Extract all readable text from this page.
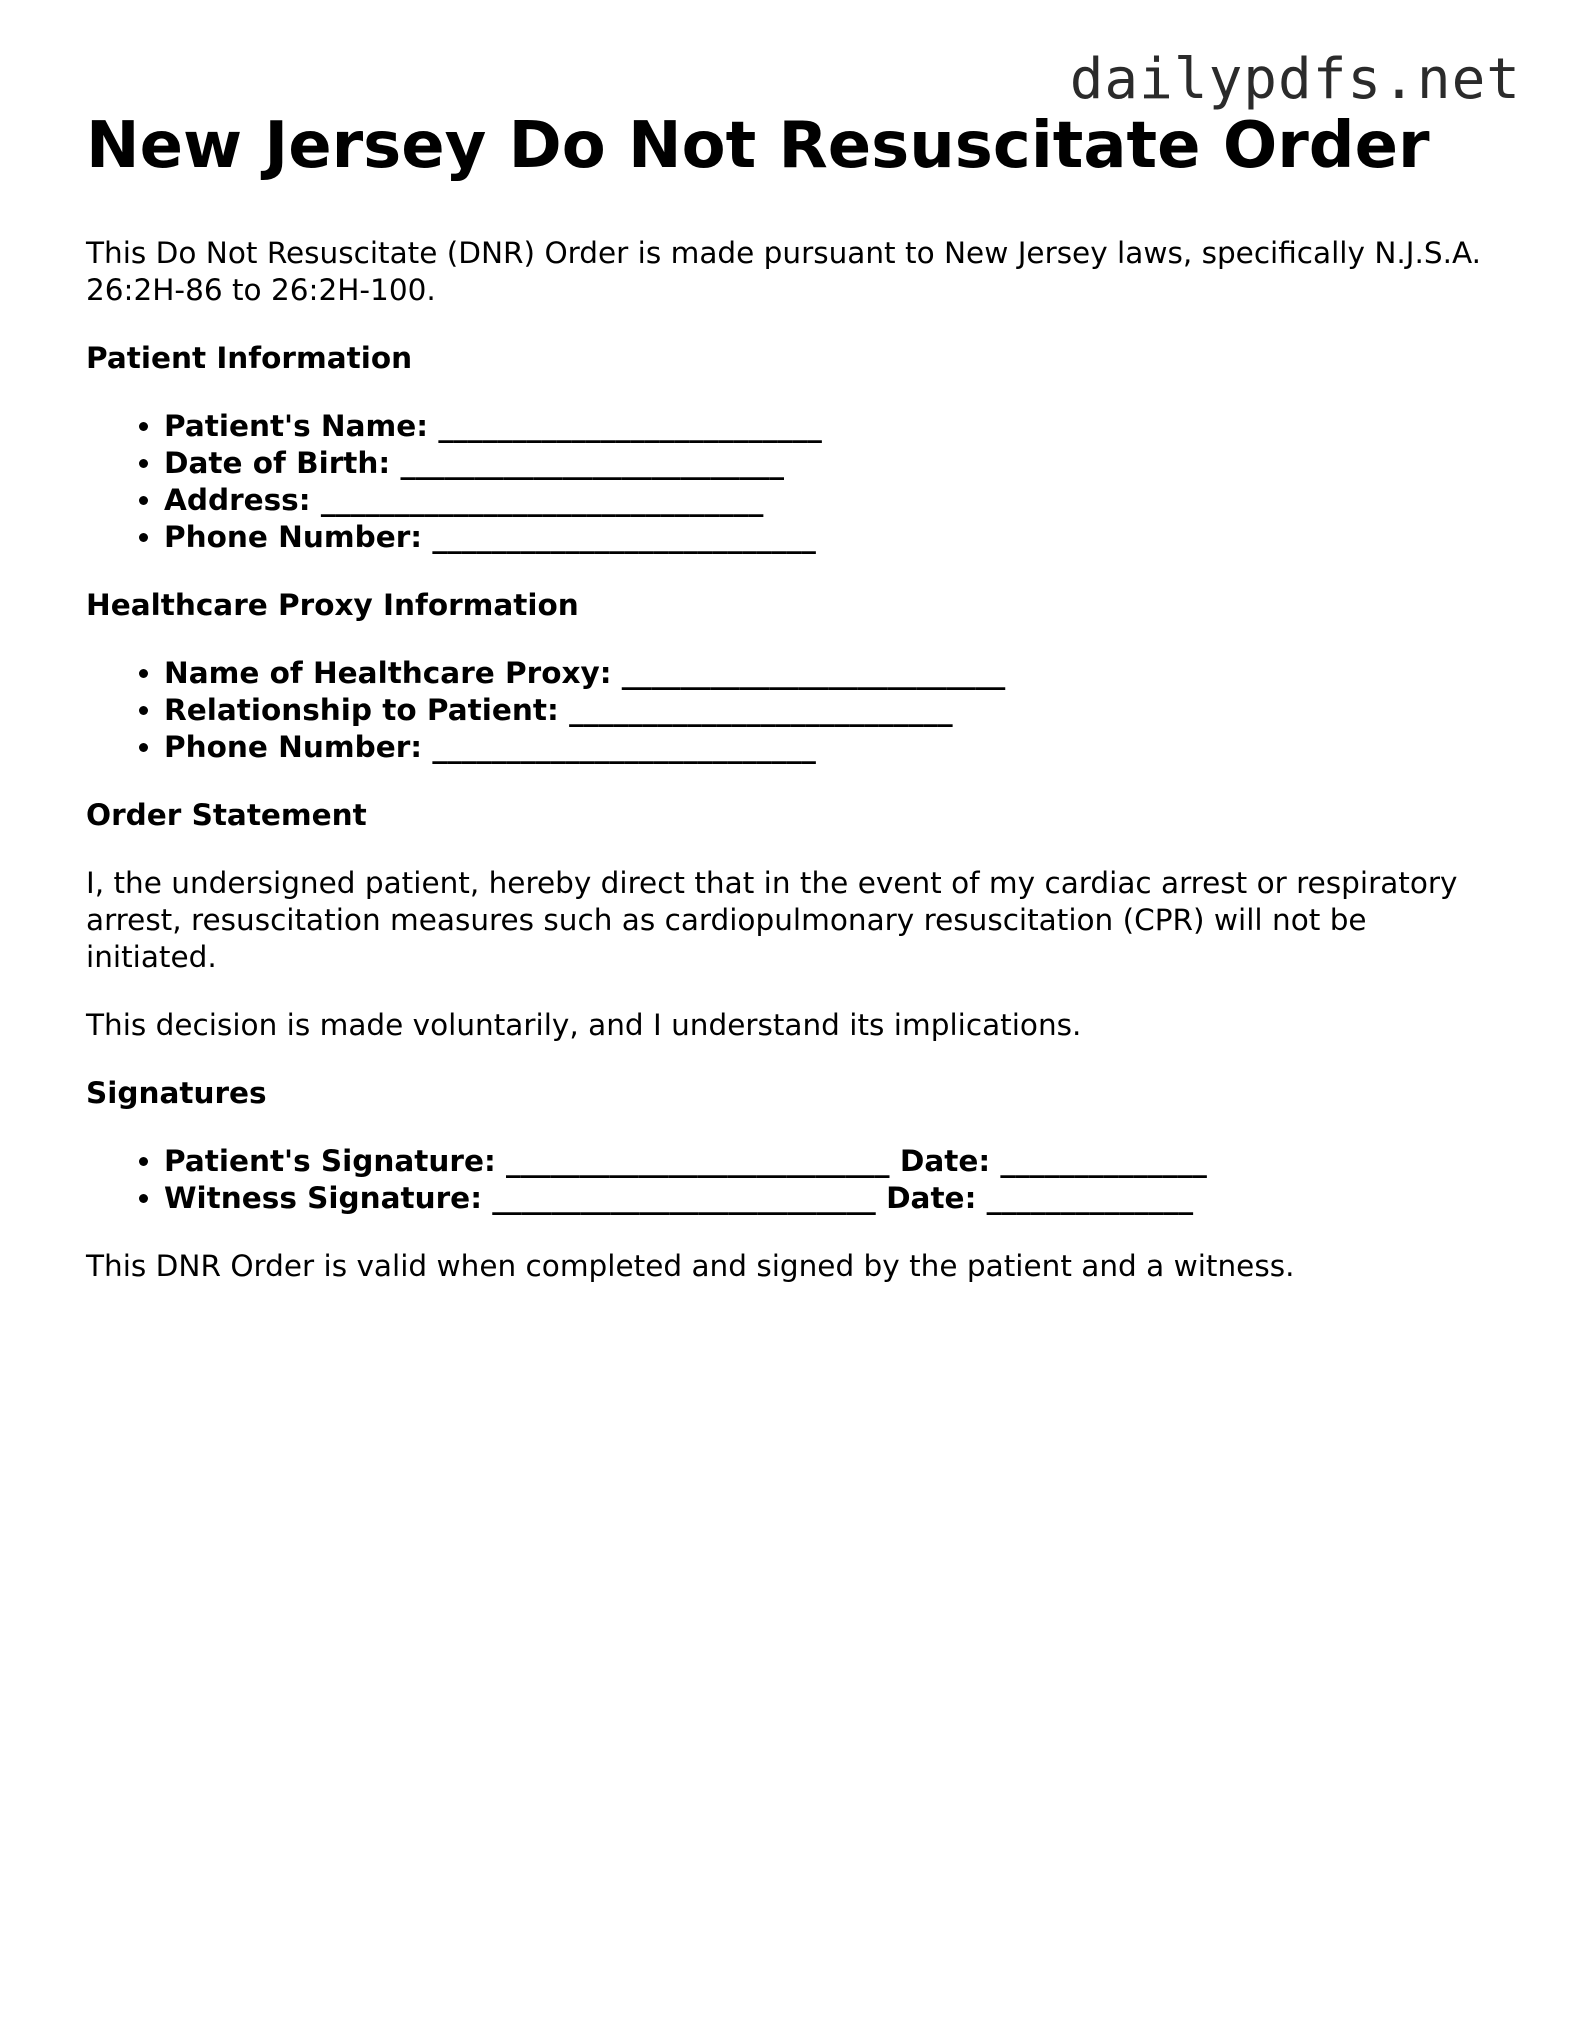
dailypdfs.net
New Jersey Do Not Resuscitate Order

This Do Not Resuscitate (DNR) Order is made pursuant to New Jersey laws, specifically N.J.S.A. 26:2H-86 to 26:2H-100.

Patient Information
• Patient's Name: __________________________
• Date of Birth: __________________________
• Address: ______________________________
• Phone Number: __________________________
Healthcare Proxy Information
• Name of Healthcare Proxy: __________________________
• Relationship to Patient: __________________________
• Phone Number: __________________________
Order Statement

I, the undersigned patient, hereby direct that in the event of my cardiac arrest or respiratory arrest, resuscitation measures such as cardiopulmonary resuscitation (CPR) will not be initiated.

This decision is made voluntarily, and I understand its implications.

Signatures
• Patient's Signature: __________________________ Date: ______________
• Witness Signature: __________________________ Date: ______________

This DNR Order is valid when completed and signed by the patient and a witness.
